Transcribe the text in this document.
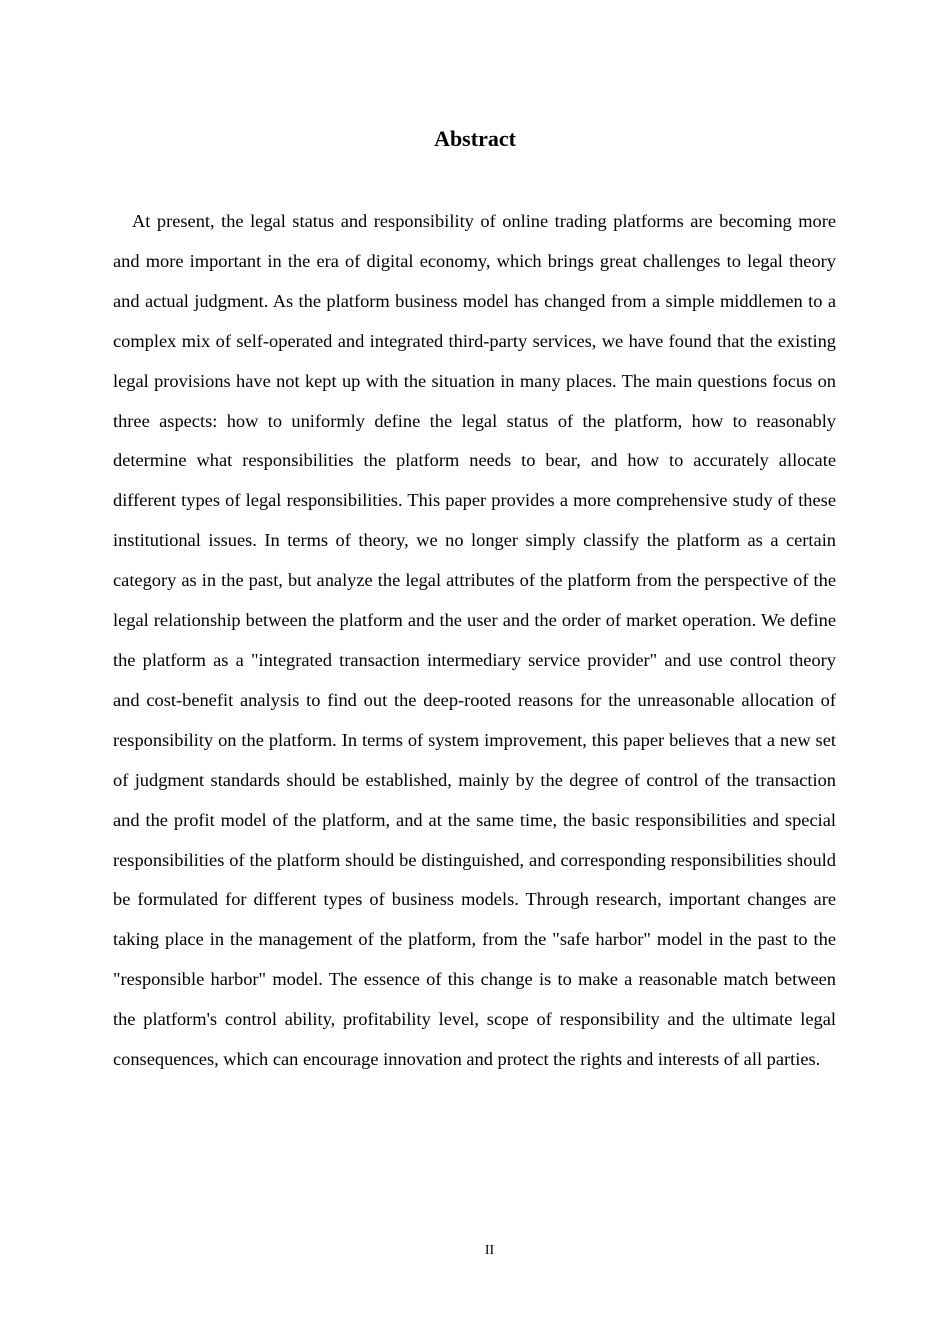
Abstract

At present, the legal status and responsibility of online trading platforms are becoming more and more important in the era of digital economy, which brings great challenges to legal theory and actual judgment. As the platform business model has changed from a simple middlemen to a complex mix of self-operated and integrated third-party services, we have found that the existing legal provisions have not kept up with the situation in many places. The main questions focus on three aspects: how to uniformly define the legal status of the platform, how to reasonably determine what responsibilities the platform needs to bear, and how to accurately allocate different types of legal responsibilities. This paper provides a more comprehensive study of these institutional issues. In terms of theory, we no longer simply classify the platform as a certain category as in the past, but analyze the legal attributes of the platform from the perspective of the legal relationship between the platform and the user and the order of market operation. We define the platform as a "integrated transaction intermediary service provider" and use control theory and cost-benefit analysis to find out the deep-rooted reasons for the unreasonable allocation of responsibility on the platform. In terms of system improvement, this paper believes that a new set of judgment standards should be established, mainly by the degree of control of the transaction and the profit model of the platform, and at the same time, the basic responsibilities and special responsibilities of the platform should be distinguished, and corresponding responsibilities should be formulated for different types of business models. Through research, important changes are taking place in the management of the platform, from the "safe harbor" model in the past to the "responsible harbor" model. The essence of this change is to make a reasonable match between the platform's control ability, profitability level, scope of responsibility and the ultimate legal consequences, which can encourage innovation and protect the rights and interests of all parties.

II
